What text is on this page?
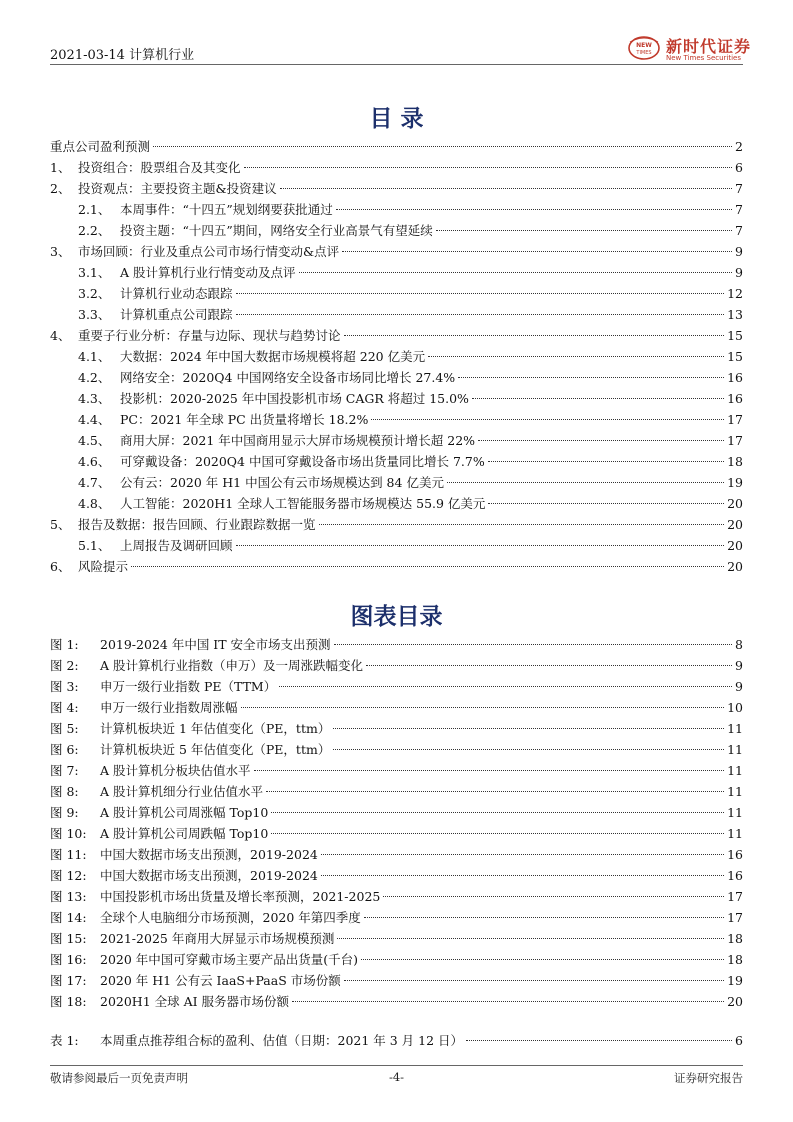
2021-03-14 计算机行业
NEW
TIMES 新时代证券
New Times Securities
目 录
重点公司盈利预测	2
1、 投资组合：股票组合及其变化	6
2、 投资观点：主要投资主题&投资建议	7
2.1、 本周事件：“十四五”规划纲要获批通过	7
2.2、 投资主题：“十四五”期间，网络安全行业高景气有望延续	7
3、 市场回顾：行业及重点公司市场行情变动&点评	9
3.1、 A 股计算机行业行情变动及点评	9
3.2、 计算机行业动态跟踪	12
3.3、 计算机重点公司跟踪	13
4、 重要子行业分析：存量与边际、现状与趋势讨论	15
4.1、 大数据：2024 年中国大数据市场规模将超 220 亿美元	15
4.2、 网络安全：2020Q4 中国网络安全设备市场同比增长 27.4%	16
4.3、 投影机：2020-2025 年中国投影机市场 CAGR 将超过 15.0%	16
4.4、 PC：2021 年全球 PC 出货量将增长 18.2%	17
4.5、 商用大屏：2021 年中国商用显示大屏市场规模预计增长超 22%	17
4.6、 可穿戴设备：2020Q4 中国可穿戴设备市场出货量同比增长 7.7%	18
4.7、 公有云：2020 年 H1 中国公有云市场规模达到 84 亿美元	19
4.8、 人工智能：2020H1 全球人工智能服务器市场规模达 55.9 亿美元	20
5、 报告及数据：报告回顾、行业跟踪数据一览	20
5.1、 上周报告及调研回顾	20
6、 风险提示	20
图表目录
图 1:	2019-2024 年中国 IT 安全市场支出预测	8
图 2:	A 股计算机行业指数（申万）及一周涨跌幅变化	9
图 3:	申万一级行业指数 PE（TTM）	9
图 4:	申万一级行业指数周涨幅	10
图 5:	计算机板块近 1 年估值变化（PE，ttm）	11
图 6:	计算机板块近 5 年估值变化（PE，ttm）	11
图 7:	A 股计算机分板块估值水平	11
图 8:	A 股计算机细分行业估值水平	11
图 9:	A 股计算机公司周涨幅 Top10	11
图 10:	A 股计算机公司周跌幅 Top10	11
图 11:	中国大数据市场支出预测，2019-2024	16
图 12:	中国大数据市场支出预测，2019-2024	16
图 13:	中国投影机市场出货量及增长率预测，2021-2025	17
图 14:	全球个人电脑细分市场预测，2020 年第四季度	17
图 15:	2021-2025 年商用大屏显示市场规模预测	18
图 16:	2020 年中国可穿戴市场主要产品出货量(千台)	18
图 17:	2020 年 H1 公有云 IaaS+PaaS 市场份额	19
图 18:	2020H1 全球 AI 服务器市场份额	20
表 1:	本周重点推荐组合标的盈利、估值（日期：2021 年 3 月 12 日）	6
敬请参阅最后一页免责声明	-4-	证券研究报告
